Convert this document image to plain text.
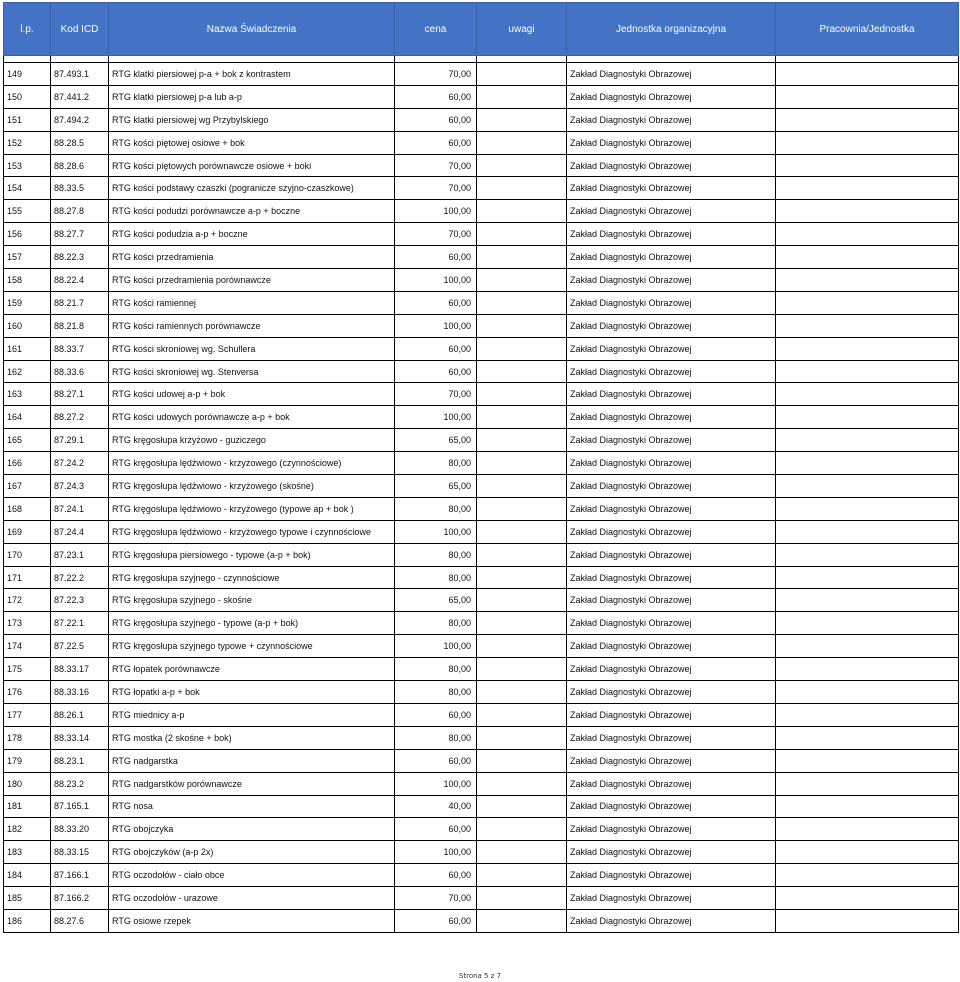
l.p.	Kod ICD	Nazwa Świadczenia	cena	uwagi	Jednostka organizacyjna	Pracownia/Jednostka

149	87.493.1	RTG klatki piersiowej p-a + bok z kontrastem	70,00		Zakład Diagnostyki Obrazowej	
150	87.441.2	RTG klatki piersiowej p-a lub a-p	60,00		Zakład Diagnostyki Obrazowej	
151	87.494.2	RTG klatki piersiowej wg Przybylskiego	60,00		Zakład Diagnostyki Obrazowej	
152	88.28.5	RTG kości piętowej osiowe + bok	60,00		Zakład Diagnostyki Obrazowej	
153	88.28.6	RTG kości piętowych porównawcze osiowe + boki	70,00		Zakład Diagnostyki Obrazowej	
154	88.33.5	RTG kości podstawy czaszki (pogranicze szyjno-czaszkowe)	70,00		Zakład Diagnostyki Obrazowej	
155	88.27.8	RTG kości podudzi porównawcze a-p + boczne	100,00		Zakład Diagnostyki Obrazowej	
156	88.27.7	RTG kości podudzia a-p + boczne	70,00		Zakład Diagnostyki Obrazowej	
157	88.22.3	RTG kości przedramienia	60,00		Zakład Diagnostyki Obrazowej	
158	88.22.4	RTG kości przedramienia porównawcze	100,00		Zakład Diagnostyki Obrazowej	
159	88.21.7	RTG kości ramiennej	60,00		Zakład Diagnostyki Obrazowej	
160	88.21.8	RTG kości ramiennych porównawcze	100,00		Zakład Diagnostyki Obrazowej	
161	88.33.7	RTG kości skroniowej wg. Schullera	60,00		Zakład Diagnostyki Obrazowej	
162	88.33.6	RTG kości skroniowej wg. Stenversa	60,00		Zakład Diagnostyki Obrazowej	
163	88.27.1	RTG kości udowej a-p + bok	70,00		Zakład Diagnostyki Obrazowej	
164	88.27.2	RTG kości udowych porównawcze a-p + bok	100,00		Zakład Diagnostyki Obrazowej	
165	87.29.1	RTG kręgosłupa krzyżowo - guziczego	65,00		Zakład Diagnostyki Obrazowej	
166	87.24.2	RTG kręgosłupa lędźwiowo - krzyżowego (czynnościowe)	80,00		Zakład Diagnostyki Obrazowej	
167	87.24.3	RTG kręgosłupa lędźwiowo - krzyżowego (skośne)	65,00		Zakład Diagnostyki Obrazowej	
168	87.24.1	RTG kręgosłupa lędźwiowo - krzyżowego (typowe ap + bok )	80,00		Zakład Diagnostyki Obrazowej	
169	87.24.4	RTG kręgosłupa lędźwiowo - krzyżowego typowe i czynnościowe	100,00		Zakład Diagnostyki Obrazowej	
170	87.23.1	RTG kręgosłupa piersiowego - typowe (a-p + bok)	80,00		Zakład Diagnostyki Obrazowej	
171	87.22.2	RTG kręgosłupa szyjnego - czynnościowe	80,00		Zakład Diagnostyki Obrazowej	
172	87.22.3	RTG kręgosłupa szyjnego - skośne	65,00		Zakład Diagnostyki Obrazowej	
173	87.22.1	RTG kręgosłupa szyjnego - typowe (a-p + bok)	80,00		Zakład Diagnostyki Obrazowej	
174	87.22.5	RTG kręgosłupa szyjnego typowe + czynnościowe	100,00		Zakład Diagnostyki Obrazowej	
175	88.33.17	RTG łopatek porównawcze	80,00		Zakład Diagnostyki Obrazowej	
176	88.33.16	RTG łopatki a-p + bok	80,00		Zakład Diagnostyki Obrazowej	
177	88.26.1	RTG miednicy a-p	60,00		Zakład Diagnostyki Obrazowej	
178	88.33.14	RTG mostka (2 skośne + bok)	80,00		Zakład Diagnostyki Obrazowej	
179	88.23.1	RTG nadgarstka	60,00		Zakład Diagnostyki Obrazowej	
180	88.23.2	RTG nadgarstków porównawcze	100,00		Zakład Diagnostyki Obrazowej	
181	87.165.1	RTG nosa	40,00		Zakład Diagnostyki Obrazowej	
182	88.33.20	RTG obojczyka	60,00		Zakład Diagnostyki Obrazowej	
183	88.33.15	RTG obojczyków (a-p 2x)	100,00		Zakład Diagnostyki Obrazowej	
184	87.166.1	RTG oczodołów - ciało obce	60,00		Zakład Diagnostyki Obrazowej	
185	87.166.2	RTG oczodołów - urazowe	70,00		Zakład Diagnostyki Obrazowej	
186	88.27.6	RTG osiowe rzepek	60,00		Zakład Diagnostyki Obrazowej	
Strona 5 z 7
